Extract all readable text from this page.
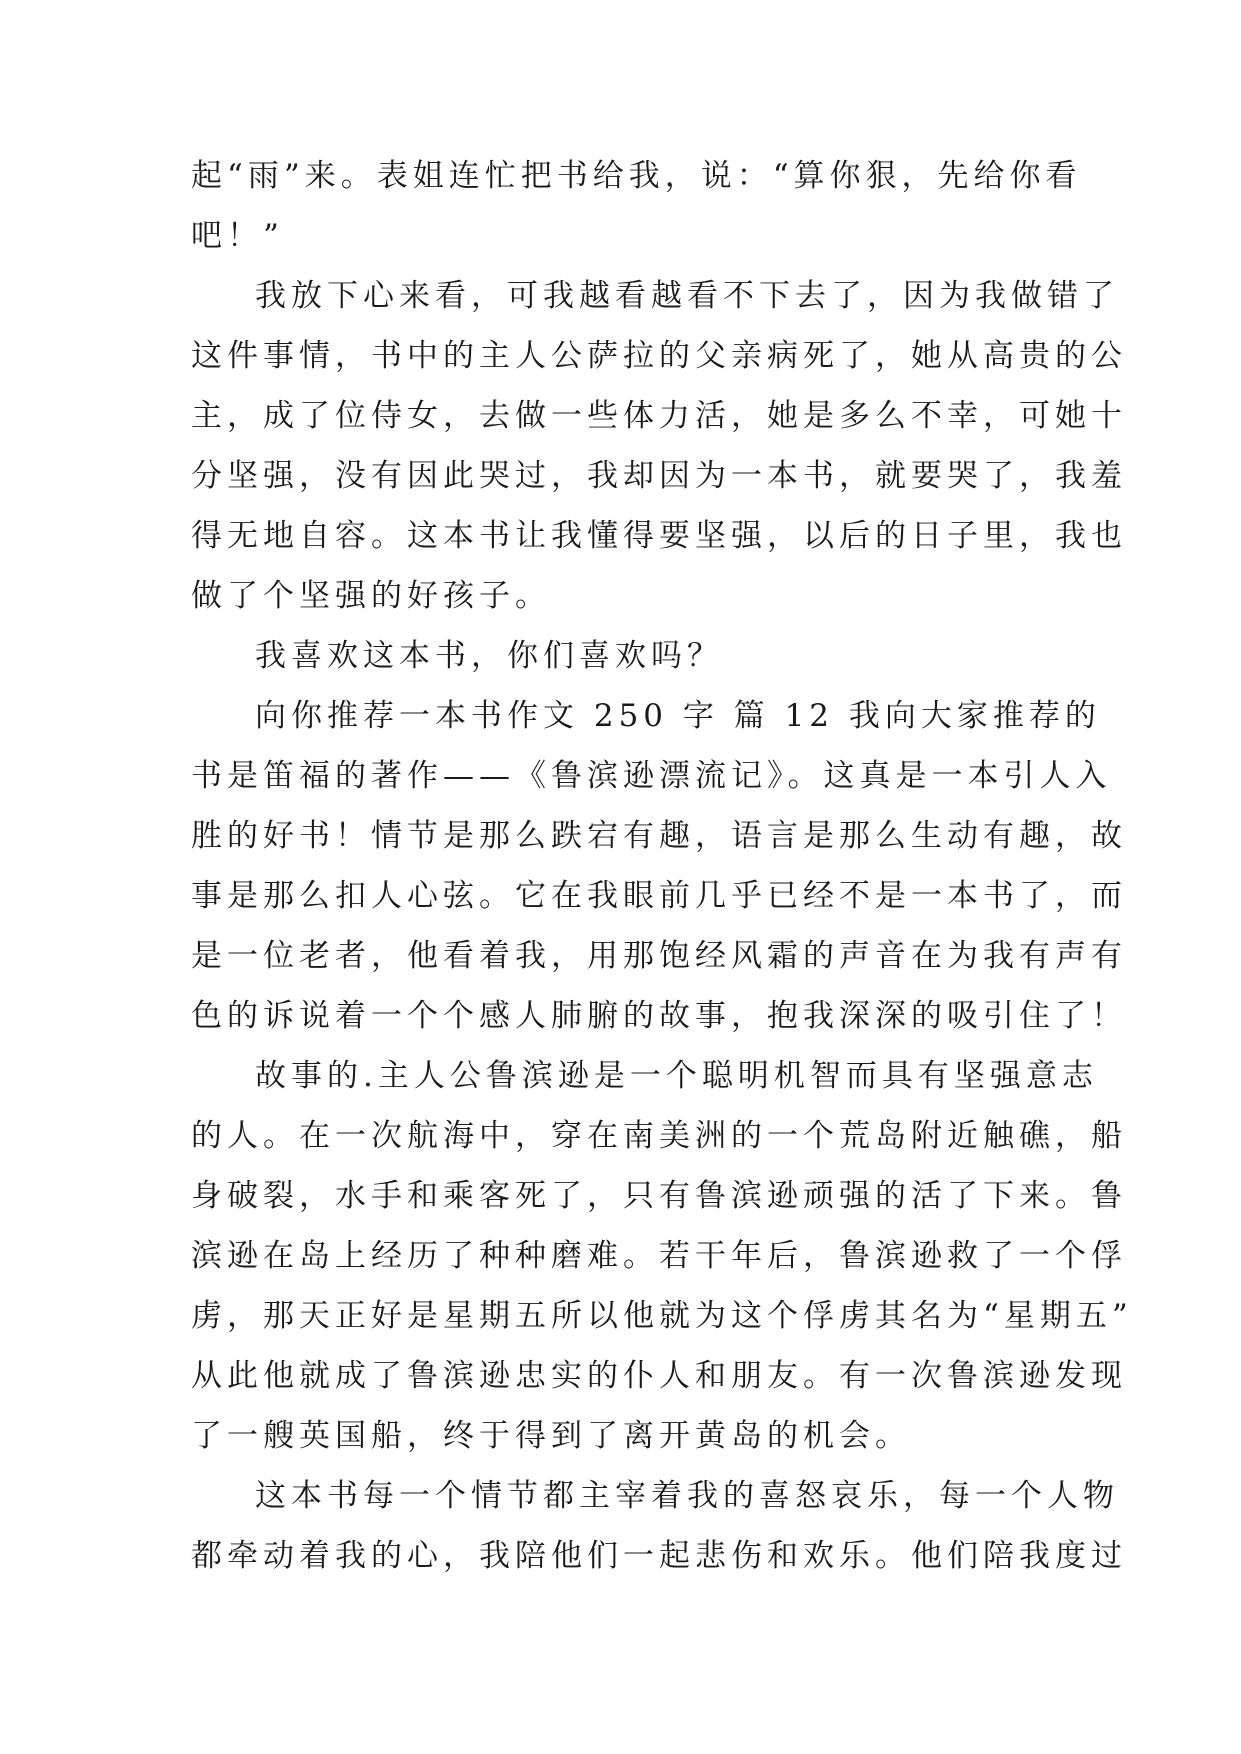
起“雨”来。表姐连忙把书给我，说：“算你狠，先给你看
吧！”
我放下心来看，可我越看越看不下去了，因为我做错了
这件事情，书中的主人公萨拉的父亲病死了，她从高贵的公
主，成了位侍女，去做一些体力活，她是多么不幸，可她十
分坚强，没有因此哭过，我却因为一本书，就要哭了，我羞
得无地自容。这本书让我懂得要坚强，以后的日子里，我也
做了个坚强的好孩子。
我喜欢这本书，你们喜欢吗？
向你推荐一本书作文 250 字 篇 12 我向大家推荐的
书是笛福的著作——《鲁滨逊漂流记》。这真是一本引人入
胜的好书！情节是那么跌宕有趣，语言是那么生动有趣，故
事是那么扣人心弦。它在我眼前几乎已经不是一本书了，而
是一位老者，他看着我，用那饱经风霜的声音在为我有声有
色的诉说着一个个感人肺腑的故事，抱我深深的吸引住了！
故事的.主人公鲁滨逊是一个聪明机智而具有坚强意志
的人。在一次航海中，穿在南美洲的一个荒岛附近触礁，船
身破裂，水手和乘客死了，只有鲁滨逊顽强的活了下来。鲁
滨逊在岛上经历了种种磨难。若干年后，鲁滨逊救了一个俘
虏，那天正好是星期五所以他就为这个俘虏其名为“星期五”
从此他就成了鲁滨逊忠实的仆人和朋友。有一次鲁滨逊发现
了一艘英国船，终于得到了离开黄岛的机会。
这本书每一个情节都主宰着我的喜怒哀乐，每一个人物
都牵动着我的心，我陪他们一起悲伤和欢乐。他们陪我度过
